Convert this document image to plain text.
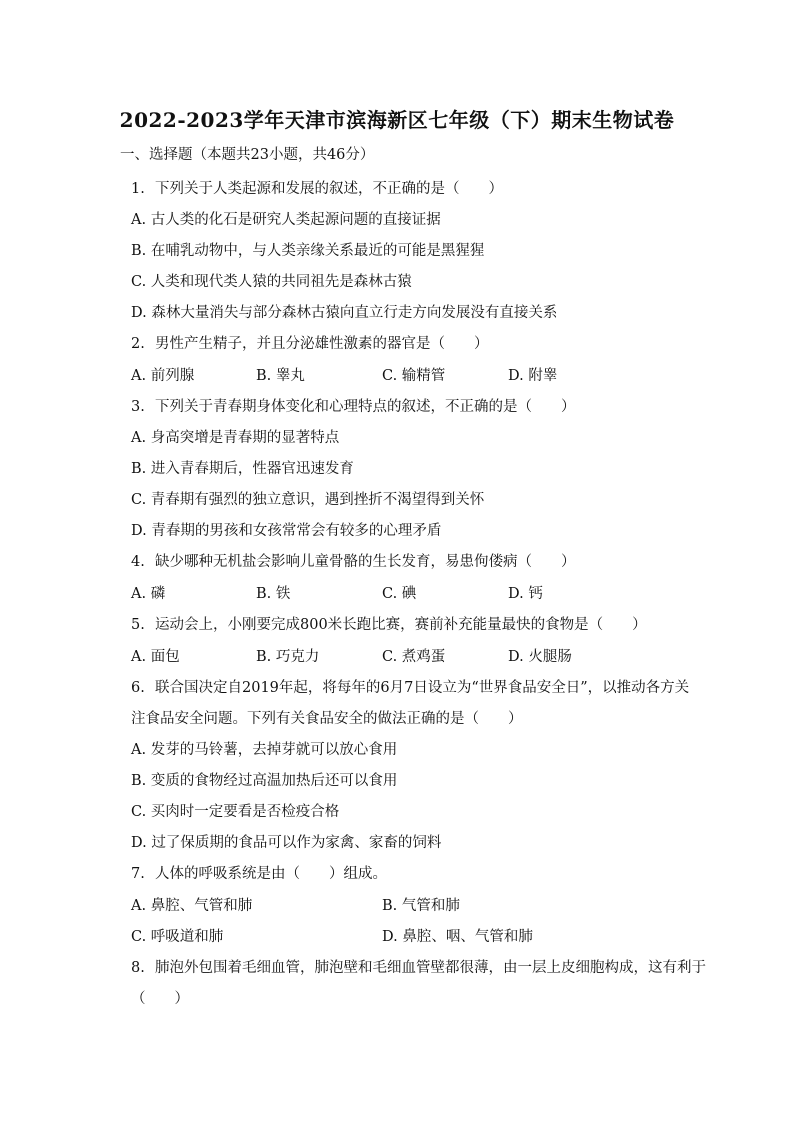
2022-2023学年天津市滨海新区七年级（下）期末生物试卷
一、选择题（本题共23小题，共46分）
1. 下列关于人类起源和发展的叙述，不正确的是（　　）
A. 古人类的化石是研究人类起源问题的直接证据
B. 在哺乳动物中，与人类亲缘关系最近的可能是黑猩猩
C. 人类和现代类人猿的共同祖先是森林古猿
D. 森林大量消失与部分森林古猿向直立行走方向发展没有直接关系
2. 男性产生精子，并且分泌雄性激素的器官是（　　）
A. 前列腺	B. 睾丸	C. 输精管	D. 附睾
3. 下列关于青春期身体变化和心理特点的叙述，不正确的是（　　）
A. 身高突增是青春期的显著特点
B. 进入青春期后，性器官迅速发育
C. 青春期有强烈的独立意识，遇到挫折不渴望得到关怀
D. 青春期的男孩和女孩常常会有较多的心理矛盾
4. 缺少哪种无机盐会影响儿童骨骼的生长发育，易患佝偻病（　　）
A. 磷	B. 铁	C. 碘	D. 钙
5. 运动会上，小刚要完成800米长跑比赛，赛前补充能量最快的食物是（　　）
A. 面包	B. 巧克力	C. 煮鸡蛋	D. 火腿肠
6. 联合国决定自2019年起，将每年的6月7日设立为“世界食品安全日”，以推动各方关
注食品安全问题。下列有关食品安全的做法正确的是（　　）
A. 发芽的马铃薯，去掉芽就可以放心食用
B. 变质的食物经过高温加热后还可以食用
C. 买肉时一定要看是否检疫合格
D. 过了保质期的食品可以作为家禽、家畜的饲料
7. 人体的呼吸系统是由（　　）组成。
A. 鼻腔、气管和肺	B. 气管和肺
C. 呼吸道和肺	D. 鼻腔、咽、气管和肺
8. 肺泡外包围着毛细血管，肺泡壁和毛细血管壁都很薄，由一层上皮细胞构成，这有利于
（　　）
